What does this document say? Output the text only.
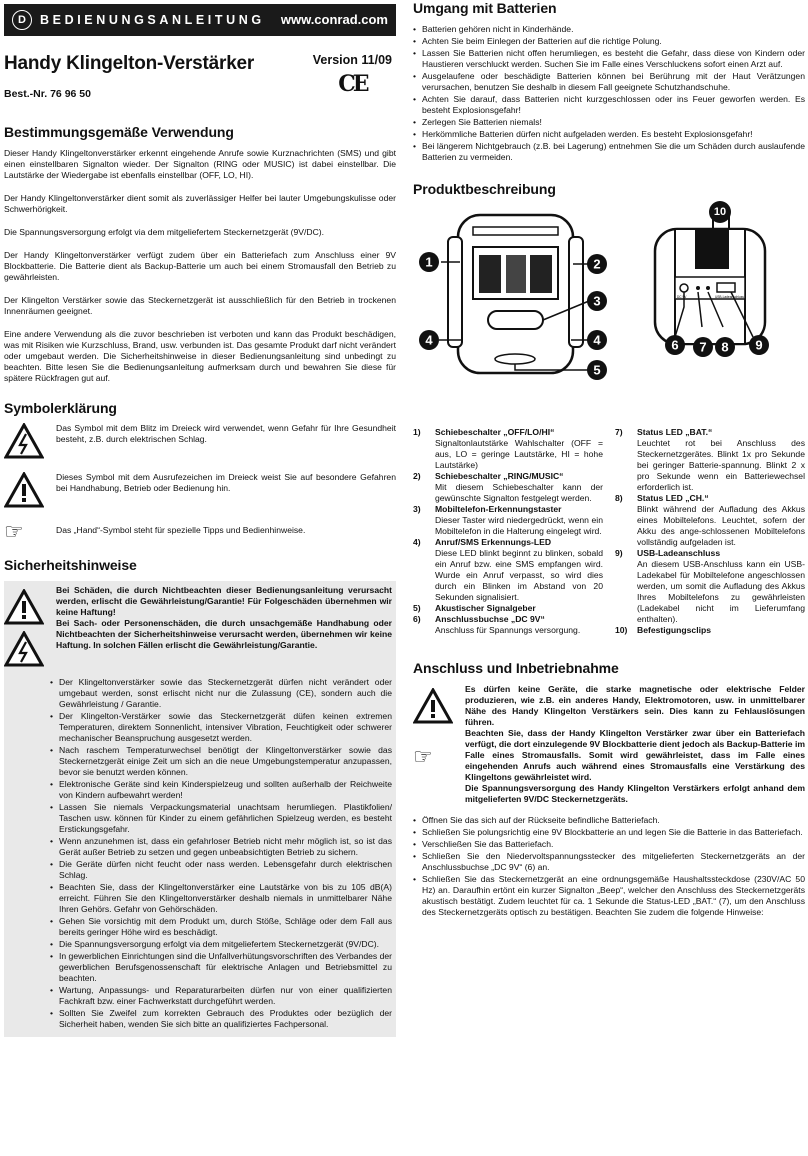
D	BEDIENUNGSANLEITUNG	www.conrad.com
Handy Klingelton-Verstärker	Version 11/09
CE
Best.-Nr. 76 96 50
Bestimmungsgemäße Verwendung

Dieser Handy Klingeltonverstärker erkennt eingehende Anrufe sowie Kurznachrichten (SMS) und gibt einen einstellbaren Signalton wieder. Der Signalton (RING oder MUSIC) ist dabei einstellbar. Die Lautstärke der Wiedergabe ist ebenfalls einstellbar (OFF, LO, HI).

Der Handy Klingeltonverstärker dient somit als zuverlässiger Helfer bei lauter Umgebungskulisse oder Schwerhörigkeit.

Die Spannungsversorgung erfolgt via dem mitgeliefertem Steckernetzgerät (9V/DC).

Der Handy Klingeltonverstärker verfügt zudem über ein Batteriefach zum Anschluss einer 9V Blockbatterie. Die Batterie dient als Backup-Batterie um auch bei einem Stromausfall den Betrieb zu gewährleisten.

Der Klingelton Verstärker sowie das Steckernetzgerät ist ausschließlich für den Betrieb in trockenen Innenräumen geeignet.

Eine andere Verwendung als die zuvor beschrieben ist verboten und kann das Produkt beschädigen, was mit Risiken wie Kurzschluss, Brand, usw. verbunden ist. Das gesamte Produkt darf nicht verändert oder umgebaut werden. Die Sicherheitshinweise in dieser Bedienungsanleitung sind unbedingt zu beachten. Bitte lesen Sie die Bedienungsanleitung aufmerksam durch und bewahren Sie diese für spätere Rückfragen gut auf.

Symbolerklärung
Das Symbol mit dem Blitz im Dreieck wird verwendet, wenn Gefahr für Ihre Gesundheit besteht, z.B. durch elektrischen Schlag.
Dieses Symbol mit dem Ausrufezeichen im Dreieck weist Sie auf besondere Gefahren bei Handhabung, Betrieb oder Bedienung hin.
☞	Das „Hand“-Symbol steht für spezielle Tipps und Bedienhinweise.
Sicherheitshinweise

Bei Schäden, die durch Nichtbeachten dieser Bedienungsanleitung verursacht werden, erlischt die Gewährleistung/Garantie! Für Folgeschäden übernehmen wir keine Haftung!

Bei Sach- oder Personenschäden, die durch unsachgemäße Handhabung oder Nichtbeachten der Sicherheitshinweise verursacht werden, übernehmen wir keine Haftung. In solchen Fällen erlischt die Gewährleistung/Garantie.

• Der Klingeltonverstärker sowie das Steckernetzgerät dürfen nicht verändert oder umgebaut werden, sonst erlischt nicht nur die Zulassung (CE), sondern auch die Gewährleistung / Garantie.
• Der Klingelton-Verstärker sowie das Steckernetzgerät düfen keinen extremen Temperaturen, direktem Sonnenlicht, intensiver Vibration, Feuchtigkeit oder schwerer mechanischer Beanspruchung ausgesetzt werden.
• Nach raschem Temperaturwechsel benötigt der Klingeltonverstärker sowie das Steckernetzgerät einige Zeit um sich an die neue Umgebungstemperatur anzupassen, bevor sie benutzt werden können.
• Elektronische Geräte sind kein Kinderspielzeug und sollten außerhalb der Reichweite von Kindern aufbewahrt werden!
• Lassen Sie niemals Verpackungsmaterial unachtsam herumliegen. Plastikfolien/ Taschen usw. können für Kinder zu einem gefährlichen Spielzeug werden, es besteht Erstickungsgefahr.
• Wenn anzunehmen ist, dass ein gefahrloser Betrieb nicht mehr möglich ist, so ist das Gerät außer Betrieb zu setzen und gegen unbeabsichtigten Betrieb zu sichern.
• Die Geräte dürfen nicht feucht oder nass werden. Lebensgefahr durch elektrischen Schlag.
• Beachten Sie, dass der Klingeltonverstärker eine Lautstärke von bis zu 105 dB(A) erreicht. Führen Sie den Klingeltonverstärker deshalb niemals in unmittelbarer Nähe Ihren Gehörs. Gefahr von Gehörschäden.
• Gehen Sie vorsichtig mit dem Produkt um, durch Stöße, Schläge oder dem Fall aus bereits geringer Höhe wird es beschädigt.
• Die Spannungsversorgung erfolgt via dem mitgeliefertem Steckernetzgerät (9V/DC).
• In gewerblichen Einrichtungen sind die Unfallverhütungsvorschriften des Verbandes der gewerblichen Berufsgenossenschaft für elektrische Anlagen und Betriebsmittel zu beachten.
• Wartung, Anpassungs- und Reparaturarbeiten dürfen nur von einer qualifizierten Fachkraft bzw. einer Fachwerkstatt durchgeführt werden.
• Sollten Sie Zweifel zum korrekten Gebrauch des Produktes oder bezüglich der Sicherheit haben, wenden Sie sich bitte an qualifiziertes Fachpersonal.
Umgang mit Batterien
• Batterien gehören nicht in Kinderhände.
• Achten Sie beim Einlegen der Batterien auf die richtige Polung.
• Lassen Sie Batterien nicht offen herumliegen, es besteht die Gefahr, dass diese von Kindern oder Haustieren verschluckt werden. Suchen Sie im Falle eines Verschluckens sofort einen Arzt auf.
• Ausgelaufene oder beschädigte Batterien können bei Berührung mit der Haut Verätzungen verursachen, benutzen Sie deshalb in diesem Fall geeignete Schutzhandschuhe.
• Achten Sie darauf, dass Batterien nicht kurzgeschlossen oder ins Feuer geworfen werden. Es besteht Explosionsgefahr!
• Zerlegen Sie Batterien niemals!
• Herkömmliche Batterien dürfen nicht aufgeladen werden. Es besteht Explosionsgefahr!
• Bei längerem Nichtgebrauch (z.B. bei Lagerung) entnehmen Sie die um Schäden durch auslaufende Batterien zu vermeiden.
Produktbeschreibung
DC 9V	USB-Ladeanschluss
1	2
3
4	4
5
6 7 8 9
10
1)	Schiebeschalter „OFF/LO/HI“
Signaltonlautstärke Wahlschalter (OFF = aus, LO = geringe Lautstärke, HI = hohe Lautstärke)
2)	Schiebeschalter „RING/MUSIC“
Mit diesem Schiebeschalter kann der gewünschte Signalton festgelegt werden.
3)	Mobiltelefon-Erkennungstaster
Dieser Taster wird niedergedrückt, wenn ein Mobiltelefon in die Halterung eingelegt wird.
4)	Anruf/SMS Erkennungs-LED
Diese LED blinkt beginnt zu blinken, sobald ein Anruf bzw. eine SMS empfangen wird. Wurde ein Anruf verpasst, so wird dies durch ein Blinken im Abstand von 20 Sekunden signalisiert.
5)	Akustischer Signalgeber
6)	Anschlussbuchse „DC 9V“
Anschluss für Spannungs versorgung.
7)	Status LED „BAT.“
Leuchtet rot bei Anschluss des Steckernetzgerätes. Blinkt 1x pro Sekunde bei geringer Batterie-spannung. Blinkt 2 x pro Sekunde wenn ein Batteriewechsel erforderlich ist.
8)	Status LED „CH.“
Blinkt während der Aufladung des Akkus eines Mobiltelefons. Leuchtet, sofern der Akku des ange-schlossenen Mobiltelefons vollständig aufgeladen ist.
9)	USB-Ladeanschluss
An diesem USB-Anschluss kann ein USB-Ladekabel für Mobiltelefone angeschlossen werden, um somit die Aufladung des Akkus Ihres Mobiltelefons zu gewährleisten (Ladekabel nicht im Lieferumfang enthalten).
10)	Befestigungsclips
Anschluss und Inbetriebnahme
☞
Es dürfen keine Geräte, die starke magnetische oder elektrische Felder produzieren, wie z.B. ein anderes Handy, Elektromotoren, usw. in unmittelbarer Nähe des Handy Klingelton Verstärkers sein. Dies kann zu Fehlauslösungen führen.
Beachten Sie, dass der Handy Klingelton Verstärker zwar über ein Batteriefach verfügt, die dort einzulegende 9V Blockbatterie dient jedoch als Backup-Batterie im Falle eines Stromausfalls. Somit wird gewährleistet, dass im Falle eines eingehenden Anrufs auch während eines Stromausfalls eine Verstärkung des Klingeltons gewährleistet wird.
Die Spannungsversorgung des Handy Klingelton Verstärkers erfolgt anhand dem mitgelieferten 9V/DC Steckernetzgeräts.
• Öffnen Sie das sich auf der Rückseite befindliche Batteriefach.
• Schließen Sie polungsrichtig eine 9V Blockbatterie an und legen Sie die Batterie in das Batteriefach.
• Verschließen Sie das Batteriefach.
• Schließen Sie den Niedervoltspannungsstecker des mitgelieferten Steckernetzgeräts an der Anschlussbuchse „DC 9V“ (6) an.
• Schließen Sie das Steckernetzgerät an eine ordnungsgemäße Haushaltssteckdose (230V/AC 50 Hz) an. Daraufhin ertönt ein kurzer Signalton „Beep“, welcher den Anschluss des Steckernetzgeräts akustisch bestätigt. Zudem leuchtet für ca. 1 Sekunde die Status-LED „BAT.“ (7), um den Anschluss des Steckernetzgeräts optisch zu bestätigen. Beachten Sie zudem die folgende Hinweise:
